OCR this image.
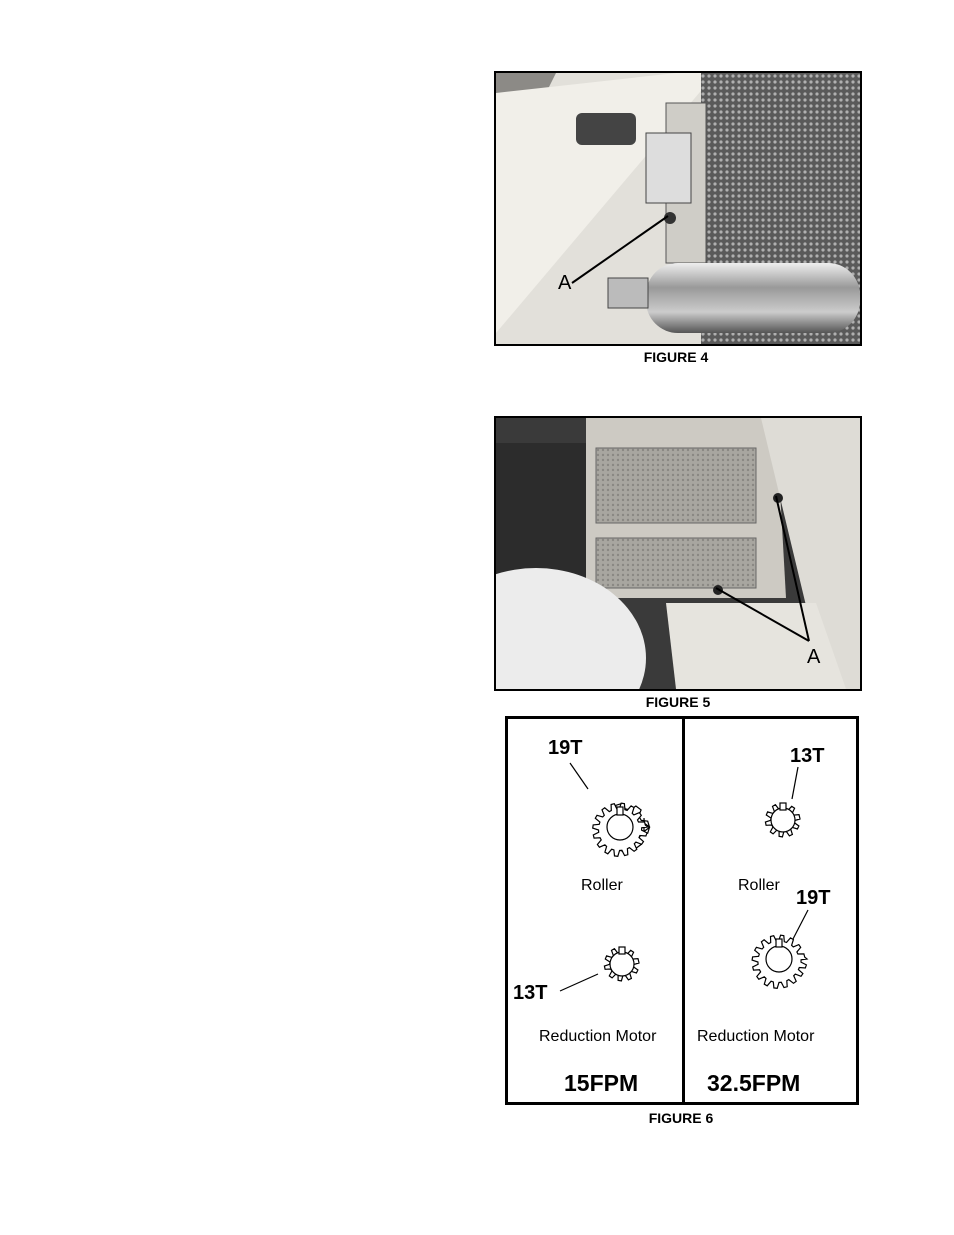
A
FIGURE 4
A
FIGURE 5
19T
Roller
13T
Reduction Motor
15FPM
13T
Roller
19T
Reduction Motor
32.5FPM
FIGURE 6
